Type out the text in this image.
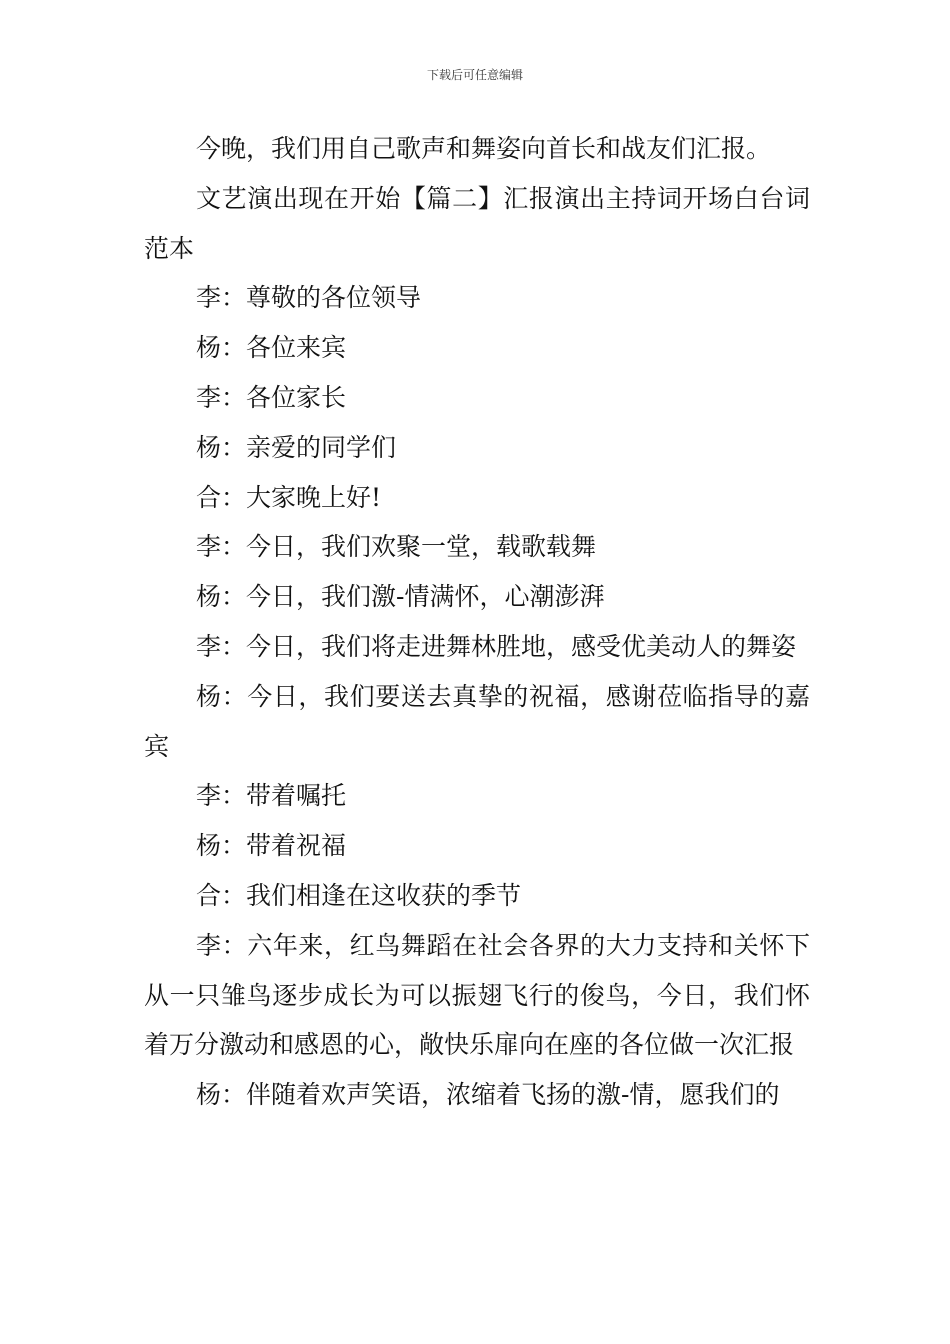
下载后可任意编辑

今晚，我们用自己歌声和舞姿向首长和战友们汇报。

文艺演出现在开始【篇二】汇报演出主持词开场白台词范本

李：尊敬的各位领导

杨：各位来宾

李：各位家长

杨：亲爱的同学们

合：大家晚上好!

李：今日，我们欢聚一堂，载歌载舞

杨：今日，我们激-情满怀，心潮澎湃

李：今日，我们将走进舞林胜地，感受优美动人的舞姿

杨：今日，我们要送去真挚的祝福，感谢莅临指导的嘉宾

李：带着嘱托

杨：带着祝福

合：我们相逢在这收获的季节

李：六年来，红鸟舞蹈在社会各界的大力支持和关怀下从一只雏鸟逐步成长为可以振翅飞行的俊鸟，今日，我们怀着万分激动和感恩的心，敞快乐扉向在座的各位做一次汇报

杨：伴随着欢声笑语，浓缩着飞扬的激-情，愿我们的
